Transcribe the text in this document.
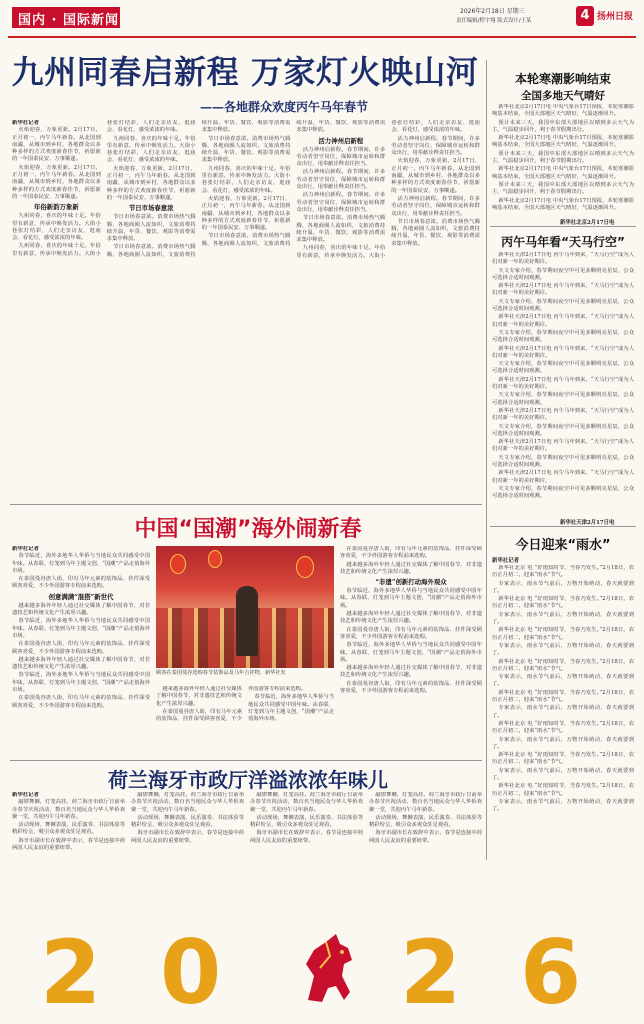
国内 · 国际新闻
2026年2月18日 星期三
责任编辑/程宇翔 版式设计/王某	4 扬州日报
九州同春启新程 万家灯火映山河
——各地群众欢度丙午马年春节
新华社记者

火焰迎春，万象更新。2月17日，正月初一，丙午马年新春。从北国到南疆，从城市到乡村，各地群众以多种多样的方式欢度新春佳节，祈愿新的一年国泰民安、万事顺遂。

火焰迎春，万象更新。2月17日，正月初一，丙午马年新春。从北国到南疆，从城市到乡村，各地群众以多种多样的方式欢度新春佳节，祈愿新的一年国泰民安、万事顺遂。

年俗新韵万象新

九州同春，喜庆的年味十足。年俗里有新意，传承中焕发活力。大街小巷张灯结彩，人们走亲访友、逛庙会、看花灯，感受浓浓的年味。

九州同春，喜庆的年味十足。年俗里有新意，传承中焕发活力。大街小巷张灯结彩，人们走亲访友、逛庙会、看花灯，感受浓浓的年味。

九州同春，喜庆的年味十足。年俗里有新意，传承中焕发活力。大街小巷张灯结彩，人们走亲访友、逛庙会、看花灯，感受浓浓的年味。

火焰迎春，万象更新。2月17日，正月初一，丙午马年新春。从北国到南疆，从城市到乡村，各地群众以多种多样的方式欢度新春佳节，祈愿新的一年国泰民安、万事顺遂。

节日市场春意浓

节日市场春意浓。消费市场热气腾腾，各地商圈人流如织，文旅消费持续升温，年货、餐饮、观影等消费需求集中释放。

节日市场春意浓。消费市场热气腾腾，各地商圈人流如织，文旅消费持续升温，年货、餐饮、观影等消费需求集中释放。

节日市场春意浓。消费市场热气腾腾，各地商圈人流如织，文旅消费持续升温，年货、餐饮、观影等消费需求集中释放。

九州同春，喜庆的年味十足。年俗里有新意，传承中焕发活力。大街小巷张灯结彩，人们走亲访友、逛庙会、看花灯，感受浓浓的年味。

火焰迎春，万象更新。2月17日，正月初一，丙午马年新春。从北国到南疆，从城市到乡村，各地群众以多种多样的方式欢度新春佳节，祈愿新的一年国泰民安、万事顺遂。

节日市场春意浓。消费市场热气腾腾，各地商圈人流如织，文旅消费持续升温，年货、餐饮、观影等消费需求集中释放。

活力神州启新程

活力神州启新程。春节期间，许多劳动者坚守岗位，保障城市运转和群众出行，用奉献诠释责任担当。

活力神州启新程。春节期间，许多劳动者坚守岗位，保障城市运转和群众出行，用奉献诠释责任担当。

活力神州启新程。春节期间，许多劳动者坚守岗位，保障城市运转和群众出行，用奉献诠释责任担当。

节日市场春意浓。消费市场热气腾腾，各地商圈人流如织，文旅消费持续升温，年货、餐饮、观影等消费需求集中释放。

九州同春，喜庆的年味十足。年俗里有新意，传承中焕发活力。大街小巷张灯结彩，人们走亲访友、逛庙会、看花灯，感受浓浓的年味。

活力神州启新程。春节期间，许多劳动者坚守岗位，保障城市运转和群众出行，用奉献诠释责任担当。

火焰迎春，万象更新。2月17日，正月初一，丙午马年新春。从北国到南疆，从城市到乡村，各地群众以多种多样的方式欢度新春佳节，祈愿新的一年国泰民安、万事顺遂。

活力神州启新程。春节期间，许多劳动者坚守岗位，保障城市运转和群众出行，用奉献诠释责任担当。

节日市场春意浓。消费市场热气腾腾，各地商圈人流如织，文旅消费持续升温，年货、餐饮、观影等消费需求集中释放。

本轮寒潮影响结束
全国多地天气晴好

新华社北京2月17日电 中央气象台17日预报，本轮寒潮影响基本结束，全国大部地区天气晴好，气温逐渐回升。

预计未来三天，我国中东部大部地区以晴到多云天气为主，气温稳步回升，利于春节假期出行。

新华社北京2月17日电 中央气象台17日预报，本轮寒潮影响基本结束，全国大部地区天气晴好，气温逐渐回升。

预计未来三天，我国中东部大部地区以晴到多云天气为主，气温稳步回升，利于春节假期出行。

新华社北京2月17日电 中央气象台17日预报，本轮寒潮影响基本结束，全国大部地区天气晴好，气温逐渐回升。

预计未来三天，我国中东部大部地区以晴到多云天气为主，气温稳步回升，利于春节假期出行。

新华社北京2月17日电 中央气象台17日预报，本轮寒潮影响基本结束，全国大部地区天气晴好，气温逐渐回升。

新华社北京2月17日电
丙午马年看“天马行空”

新华社天津2月17日电 丙午马年到来，“天马行空”成为人们对新一年的美好期许。

天文专家介绍，春节期间夜空中可见多颗明亮星辰，公众可选择合适时间观测。

新华社天津2月17日电 丙午马年到来，“天马行空”成为人们对新一年的美好期许。

天文专家介绍，春节期间夜空中可见多颗明亮星辰，公众可选择合适时间观测。

新华社天津2月17日电 丙午马年到来，“天马行空”成为人们对新一年的美好期许。

天文专家介绍，春节期间夜空中可见多颗明亮星辰，公众可选择合适时间观测。

新华社天津2月17日电 丙午马年到来，“天马行空”成为人们对新一年的美好期许。

天文专家介绍，春节期间夜空中可见多颗明亮星辰，公众可选择合适时间观测。

新华社天津2月17日电 丙午马年到来，“天马行空”成为人们对新一年的美好期许。

天文专家介绍，春节期间夜空中可见多颗明亮星辰，公众可选择合适时间观测。

新华社天津2月17日电 丙午马年到来，“天马行空”成为人们对新一年的美好期许。

天文专家介绍，春节期间夜空中可见多颗明亮星辰，公众可选择合适时间观测。

新华社天津2月17日电 丙午马年到来，“天马行空”成为人们对新一年的美好期许。

天文专家介绍，春节期间夜空中可见多颗明亮星辰，公众可选择合适时间观测。

新华社天津2月17日电 丙午马年到来，“天马行空”成为人们对新一年的美好期许。

天文专家介绍，春节期间夜空中可见多颗明亮星辰，公众可选择合适时间观测。

新华社天津2月17日电
今日迎来“雨水”
新华社记者

新华社北京 电 “好雨知时节，当春乃发生。”2月18日，农历正月初二，迎来“雨水”节气。

专家表示，雨水节气前后，万物开始萌动，春天就要到了。

新华社北京 电 “好雨知时节，当春乃发生。”2月18日，农历正月初二，迎来“雨水”节气。

专家表示，雨水节气前后，万物开始萌动，春天就要到了。

新华社北京 电 “好雨知时节，当春乃发生。”2月18日，农历正月初二，迎来“雨水”节气。

专家表示，雨水节气前后，万物开始萌动，春天就要到了。

新华社北京 电 “好雨知时节，当春乃发生。”2月18日，农历正月初二，迎来“雨水”节气。

专家表示，雨水节气前后，万物开始萌动，春天就要到了。

新华社北京 电 “好雨知时节，当春乃发生。”2月18日，农历正月初二，迎来“雨水”节气。

专家表示，雨水节气前后，万物开始萌动，春天就要到了。

新华社北京 电 “好雨知时节，当春乃发生。”2月18日，农历正月初二，迎来“雨水”节气。

专家表示，雨水节气前后，万物开始萌动，春天就要到了。

新华社北京 电 “好雨知时节，当春乃发生。”2月18日，农历正月初二，迎来“雨水”节气。

专家表示，雨水节气前后，万物开始萌动，春天就要到了。

新华社北京 电 “好雨知时节，当春乃发生。”2月18日，农历正月初二，迎来“雨水”节气。

专家表示，雨水节气前后，万物开始萌动，春天就要到了。

中国“国潮”海外闹新春
新华社记者

春节临近，海外多地华人华侨与当地民众共同感受中国年味。从春联、灯笼到马年主题文创，“国潮”产品走俏海外市场。

在泰国曼谷唐人街，印有马年元素的装饰品、挂件深受顾客喜爱，不少外国游客专程前来选购。

创意满满“混搭”新世代

越来越多海外年轻人通过社交媒体了解中国春节，对非遗技艺和传统文化产生浓厚兴趣。

春节临近，海外多地华人华侨与当地民众共同感受中国年味。从春联、灯笼到马年主题文创，“国潮”产品走俏海外市场。

在泰国曼谷唐人街，印有马年元素的装饰品、挂件深受顾客喜爱，不少外国游客专程前来选购。

越来越多海外年轻人通过社交媒体了解中国春节，对非遗技艺和传统文化产生浓厚兴趣。

春节临近，海外多地华人华侨与当地民众共同感受中国年味。从春联、灯笼到马年主题文创，“国潮”产品走俏海外市场。

在泰国曼谷唐人街，印有马年元素的装饰品、挂件深受顾客喜爱，不少外国游客专程前来选购。

顾客在泰国曼谷选购春节装饰品及马年吉祥物。新华社发

在泰国曼谷唐人街，印有马年元素的装饰品、挂件深受顾客喜爱，不少外国游客专程前来选购。

越来越多海外年轻人通过社交媒体了解中国春节，对非遗技艺和传统文化产生浓厚兴趣。

“非遗”创新打动海外观众

春节临近，海外多地华人华侨与当地民众共同感受中国年味。从春联、灯笼到马年主题文创，“国潮”产品走俏海外市场。

越来越多海外年轻人通过社交媒体了解中国春节，对非遗技艺和传统文化产生浓厚兴趣。

在泰国曼谷唐人街，印有马年元素的装饰品、挂件深受顾客喜爱，不少外国游客专程前来选购。

春节临近，海外多地华人华侨与当地民众共同感受中国年味。从春联、灯笼到马年主题文创，“国潮”产品走俏海外市场。

越来越多海外年轻人通过社交媒体了解中国春节，对非遗技艺和传统文化产生浓厚兴趣。

在泰国曼谷唐人街，印有马年元素的装饰品、挂件深受顾客喜爱，不少外国游客专程前来选购。

越来越多海外年轻人通过社交媒体了解中国春节，对非遗技艺和传统文化产生浓厚兴趣。

在泰国曼谷唐人街，印有马年元素的装饰品、挂件深受顾客喜爱，不少外国游客专程前来选购。

春节临近，海外多地华人华侨与当地民众共同感受中国年味。从春联、灯笼到马年主题文创，“国潮”产品走俏海外市场。

荷兰海牙市政厅洋溢浓浓年味儿
新华社记者

敲锣舞狮，灯笼高挂。荷兰海牙市政厅日前举办春节庆祝活动，数百名当地民众与华人华侨欢聚一堂，共迎丙午马年新春。

活动现场，舞狮表演、民乐演奏、书法体验等精彩纷呈，吸引众多观众驻足观看。

海牙市副市长在致辞中表示，春节是连接中荷两国人民友谊的重要纽带。

敲锣舞狮，灯笼高挂。荷兰海牙市政厅日前举办春节庆祝活动，数百名当地民众与华人华侨欢聚一堂，共迎丙午马年新春。

活动现场，舞狮表演、民乐演奏、书法体验等精彩纷呈，吸引众多观众驻足观看。

海牙市副市长在致辞中表示，春节是连接中荷两国人民友谊的重要纽带。

敲锣舞狮，灯笼高挂。荷兰海牙市政厅日前举办春节庆祝活动，数百名当地民众与华人华侨欢聚一堂，共迎丙午马年新春。

活动现场，舞狮表演、民乐演奏、书法体验等精彩纷呈，吸引众多观众驻足观看。

海牙市副市长在致辞中表示，春节是连接中荷两国人民友谊的重要纽带。

敲锣舞狮，灯笼高挂。荷兰海牙市政厅日前举办春节庆祝活动，数百名当地民众与华人华侨欢聚一堂，共迎丙午马年新春。

活动现场，舞狮表演、民乐演奏、书法体验等精彩纷呈，吸引众多观众驻足观看。

海牙市副市长在致辞中表示，春节是连接中荷两国人民友谊的重要纽带。

2 0 2 6
